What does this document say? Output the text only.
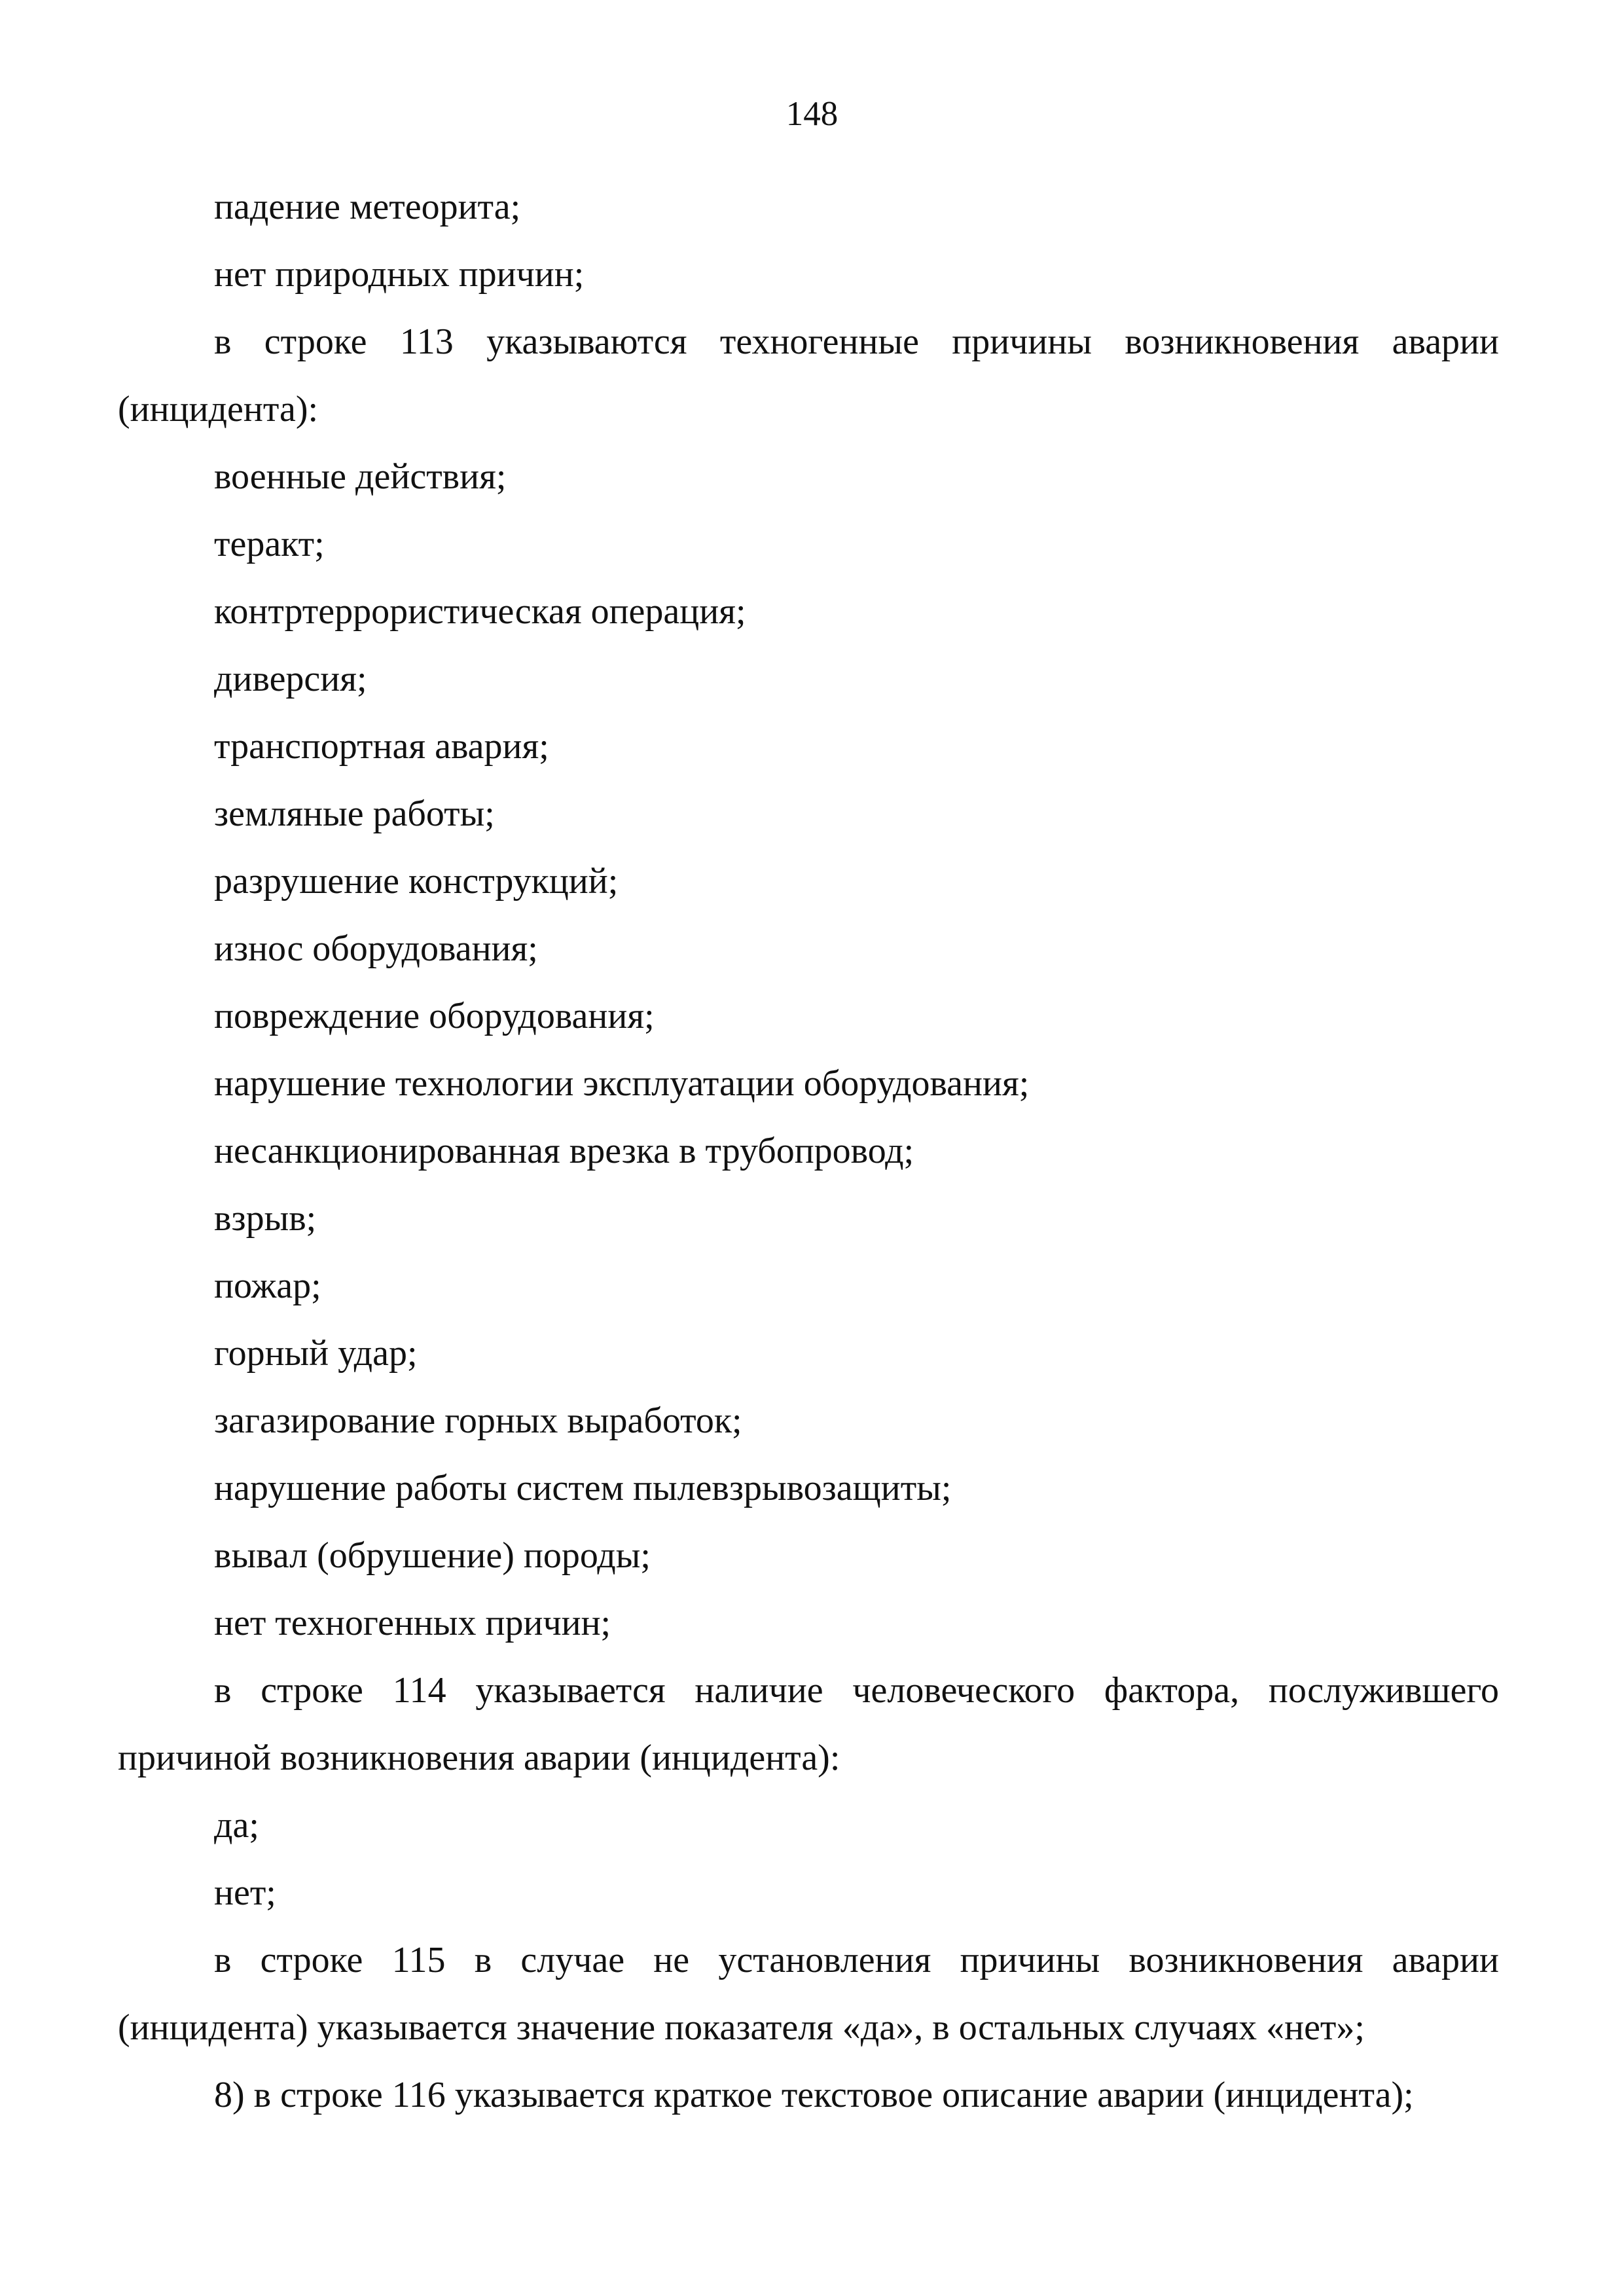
148
падение метеорита;
нет природных причин;
в строке 113 указываются техногенные причины возникновения аварии
(инцидента):
военные действия;
теракт;
контртеррористическая операция;
диверсия;
транспортная авария;
земляные работы;
разрушение конструкций;
износ оборудования;
повреждение оборудования;
нарушение технологии эксплуатации оборудования;
несанкционированная врезка в трубопровод;
взрыв;
пожар;
горный удар;
загазирование горных выработок;
нарушение работы систем пылевзрывозащиты;
вывал (обрушение) породы;
нет техногенных причин;
в строке 114 указывается наличие человеческого фактора, послужившего
причиной возникновения аварии (инцидента):
да;
нет;
в строке 115 в случае не установления причины возникновения аварии
(инцидента) указывается значение показателя «да», в остальных случаях «нет»;
8) в строке 116 указывается краткое текстовое описание аварии (инцидента);
